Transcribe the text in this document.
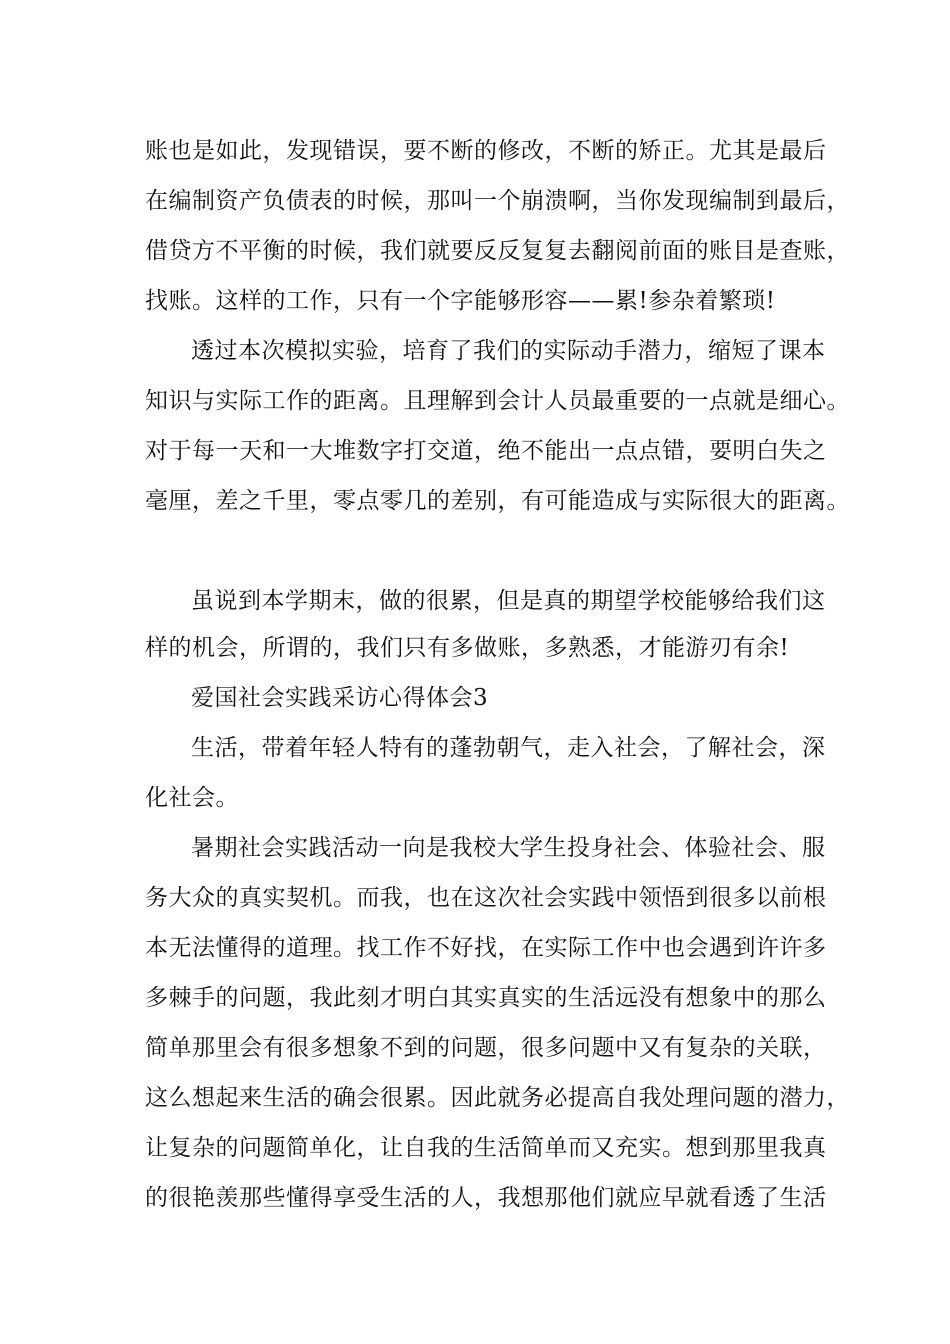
账也是如此，发现错误，要不断的修改，不断的矫正。尤其是最后
在编制资产负债表的时候，那叫一个崩溃啊，当你发现编制到最后，
借贷方不平衡的时候，我们就要反反复复去翻阅前面的账目是查账，
找账。这样的工作，只有一个字能够形容——累!参杂着繁琐!
透过本次模拟实验，培育了我们的实际动手潜力，缩短了课本
知识与实际工作的距离。且理解到会计人员最重要的一点就是细心。
对于每一天和一大堆数字打交道，绝不能出一点点错，要明白失之
毫厘，差之千里，零点零几的差别，有可能造成与实际很大的距离。
虽说到本学期末，做的很累，但是真的期望学校能够给我们这
样的机会，所谓的，我们只有多做账，多熟悉，才能游刃有余!
爱国社会实践采访心得体会3
生活，带着年轻人特有的蓬勃朝气，走入社会，了解社会，深
化社会。
暑期社会实践活动一向是我校大学生投身社会、体验社会、服
务大众的真实契机。而我，也在这次社会实践中领悟到很多以前根
本无法懂得的道理。找工作不好找，在实际工作中也会遇到许许多
多棘手的问题，我此刻才明白其实真实的生活远没有想象中的那么
简单那里会有很多想象不到的问题，很多问题中又有复杂的关联，
这么想起来生活的确会很累。因此就务必提高自我处理问题的潜力，
让复杂的问题简单化，让自我的生活简单而又充实。想到那里我真
的很艳羡那些懂得享受生活的人，我想那他们就应早就看透了生活
